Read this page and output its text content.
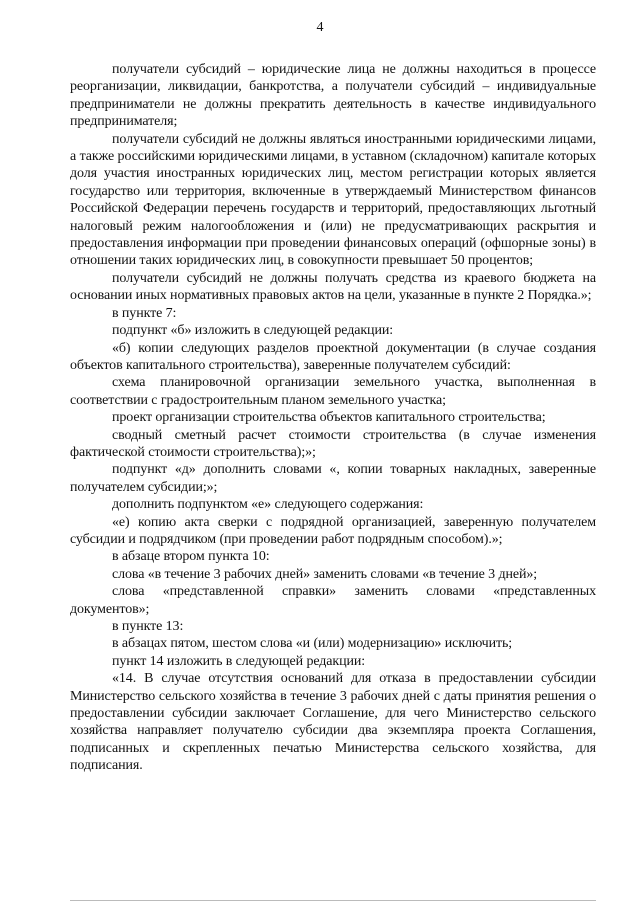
4

получатели субсидий – юридические лица не должны находиться в процессе реорганизации, ликвидации, банкротства, а получатели субсидий – индивидуальные предприниматели не должны прекратить деятельность в качестве индивидуального предпринимателя;

получатели субсидий не должны являться иностранными юридическими лицами, а также российскими юридическими лицами, в уставном (складочном) капитале которых доля участия иностранных юридических лиц, местом регистрации которых является государство или территория, включенные в утверждаемый Министерством финансов Российской Федерации перечень государств и территорий, предоставляющих льготный налоговый режим налогообложения и (или) не предусматривающих раскрытия и предоставления информации при проведении финансовых операций (офшорные зоны) в отношении таких юридических лиц, в совокупности превышает 50 процентов;

получатели субсидий не должны получать средства из краевого бюджета на основании иных нормативных правовых актов на цели, указанные в пункте 2 Порядка.»;

в пункте 7:

подпункт «б» изложить в следующей редакции:

«б) копии следующих разделов проектной документации (в случае создания объектов капитального строительства), заверенные получателем субсидий:

схема планировочной организации земельного участка, выполненная в соответствии с градостроительным планом земельного участка;

проект организации строительства объектов капитального строительства;

сводный сметный расчет стоимости строительства (в случае изменения фактической стоимости строительства);»;

подпункт «д» дополнить словами «, копии товарных накладных, заверенные получателем субсидии;»;

дополнить подпунктом «е» следующего содержания:

«е) копию акта сверки с подрядной организацией, заверенную получателем субсидии и подрядчиком (при проведении работ подрядным способом).»;

в абзаце втором пункта 10:

слова «в течение 3 рабочих дней» заменить словами «в течение 3 дней»;

слова «представленной справки» заменить словами «представленных документов»;

в пункте 13:

в абзацах пятом, шестом слова «и (или) модернизацию» исключить;

пункт 14 изложить в следующей редакции:

«14. В случае отсутствия оснований для отказа в предоставлении субсидии Министерство сельского хозяйства в течение 3 рабочих дней с даты принятия решения о предоставлении субсидии заключает Соглашение, для чего Министерство сельского хозяйства направляет получателю субсидии два экземпляра проекта Соглашения, подписанных и скрепленных печатью Министерства сельского хозяйства, для подписания.
